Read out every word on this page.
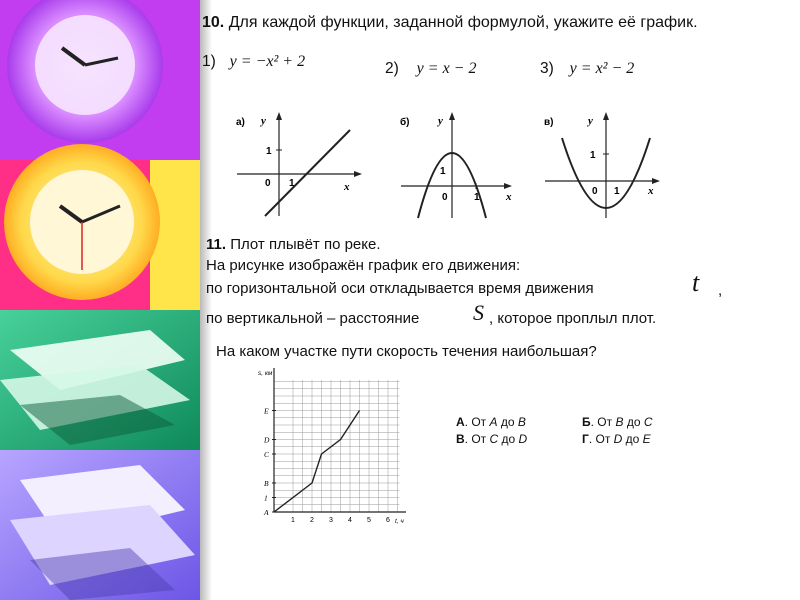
10. Для каждой функции, заданной формулой, укажите её график.
1) y = −x² + 2	2) y = x − 2	3) y = x² − 2
а) y
x
1
0 1
б)	y
x
1
0	1
в)	y
x
1
0 1
11. Плот плывёт по реке.
На рисунке изображён график его движения:
по горизонтальной оси откладывается время движения	t ,
по вертикальной – расстояние S , которое проплыл плот.
На каком участке пути скорость течения наибольшая?
s, км
t, ч
A
1
B
C
D
E
1 2 3 4 5 6
А. От A до B	Б. От B до C
В. От C до D	Г. От D до E
